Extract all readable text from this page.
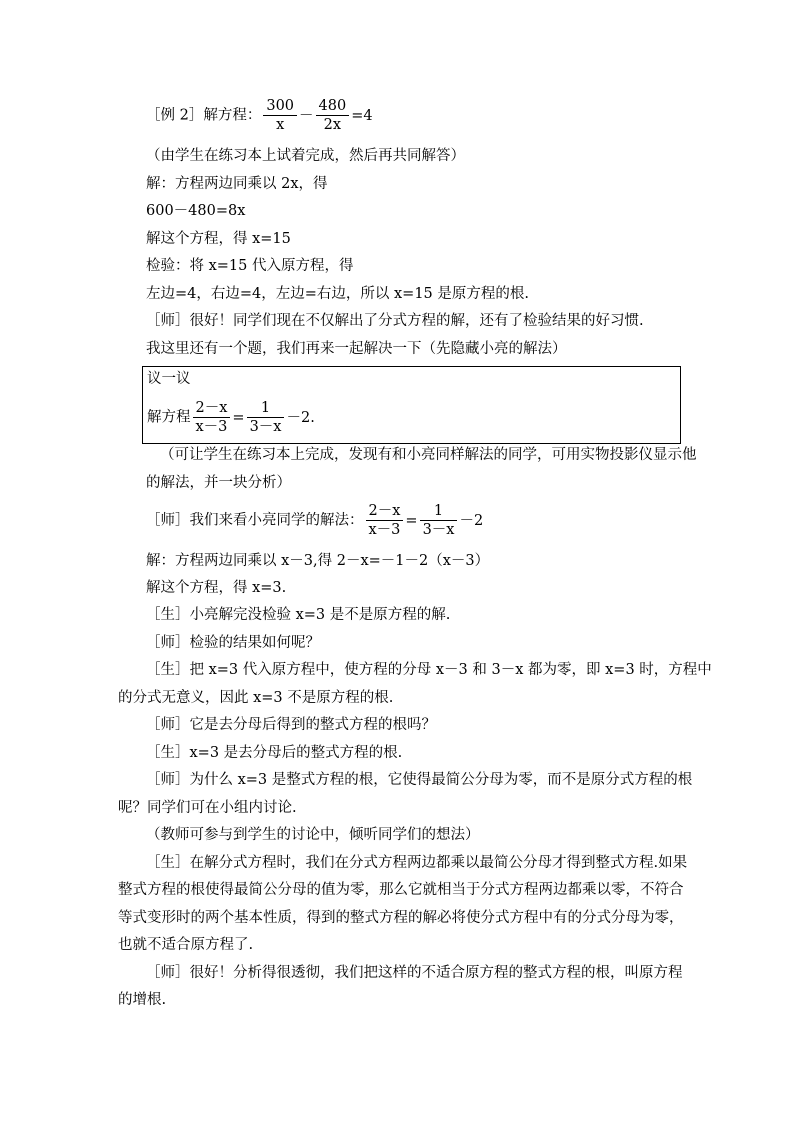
［例 2］解方程： $\frac{300}{x} - \frac{480}{2x} =4$
（由学生在练习本上试着完成，然后再共同解答）
解：方程两边同乘以 2x，得
600－480=8x
解这个方程，得 x=15
检验：将 x=15 代入原方程，得
左边=4，右边=4，左边=右边，所以 x=15 是原方程的根.
［师］很好！同学们现在不仅解出了分式方程的解，还有了检验结果的好习惯.
我这里还有一个题，我们再来一起解决一下（先隐藏小亮的解法）
议一议
解方程 $\frac{2-x}{x-3} = \frac{1}{3-x} -2$.
（可让学生在练习本上完成，发现有和小亮同样解法的同学，可用实物投影仪显示他
的解法，并一块分析）
［师］我们来看小亮同学的解法： $\frac{2-x}{x-3} = \frac{1}{3-x} -2$
解：方程两边同乘以 x－3,得 2－x=－1－2（x－3）
解这个方程，得 x=3.
［生］小亮解完没检验 x=3 是不是原方程的解.
［师］检验的结果如何呢？
［生］把 x=3 代入原方程中，使方程的分母 x－3 和 3－x 都为零，即 x=3 时，方程中
的分式无意义，因此 x=3 不是原方程的根.
［师］它是去分母后得到的整式方程的根吗？
［生］x=3 是去分母后的整式方程的根.
［师］为什么 x=3 是整式方程的根，它使得最简公分母为零，而不是原分式方程的根
呢？同学们可在小组内讨论.
（教师可参与到学生的讨论中，倾听同学们的想法）
［生］在解分式方程时，我们在分式方程两边都乘以最简公分母才得到整式方程.如果
整式方程的根使得最简公分母的值为零，那么它就相当于分式方程两边都乘以零，不符合
等式变形时的两个基本性质，得到的整式方程的解必将使分式方程中有的分式分母为零，
也就不适合原方程了.
［师］很好！分析得很透彻，我们把这样的不适合原方程的整式方程的根，叫原方程
的增根.
